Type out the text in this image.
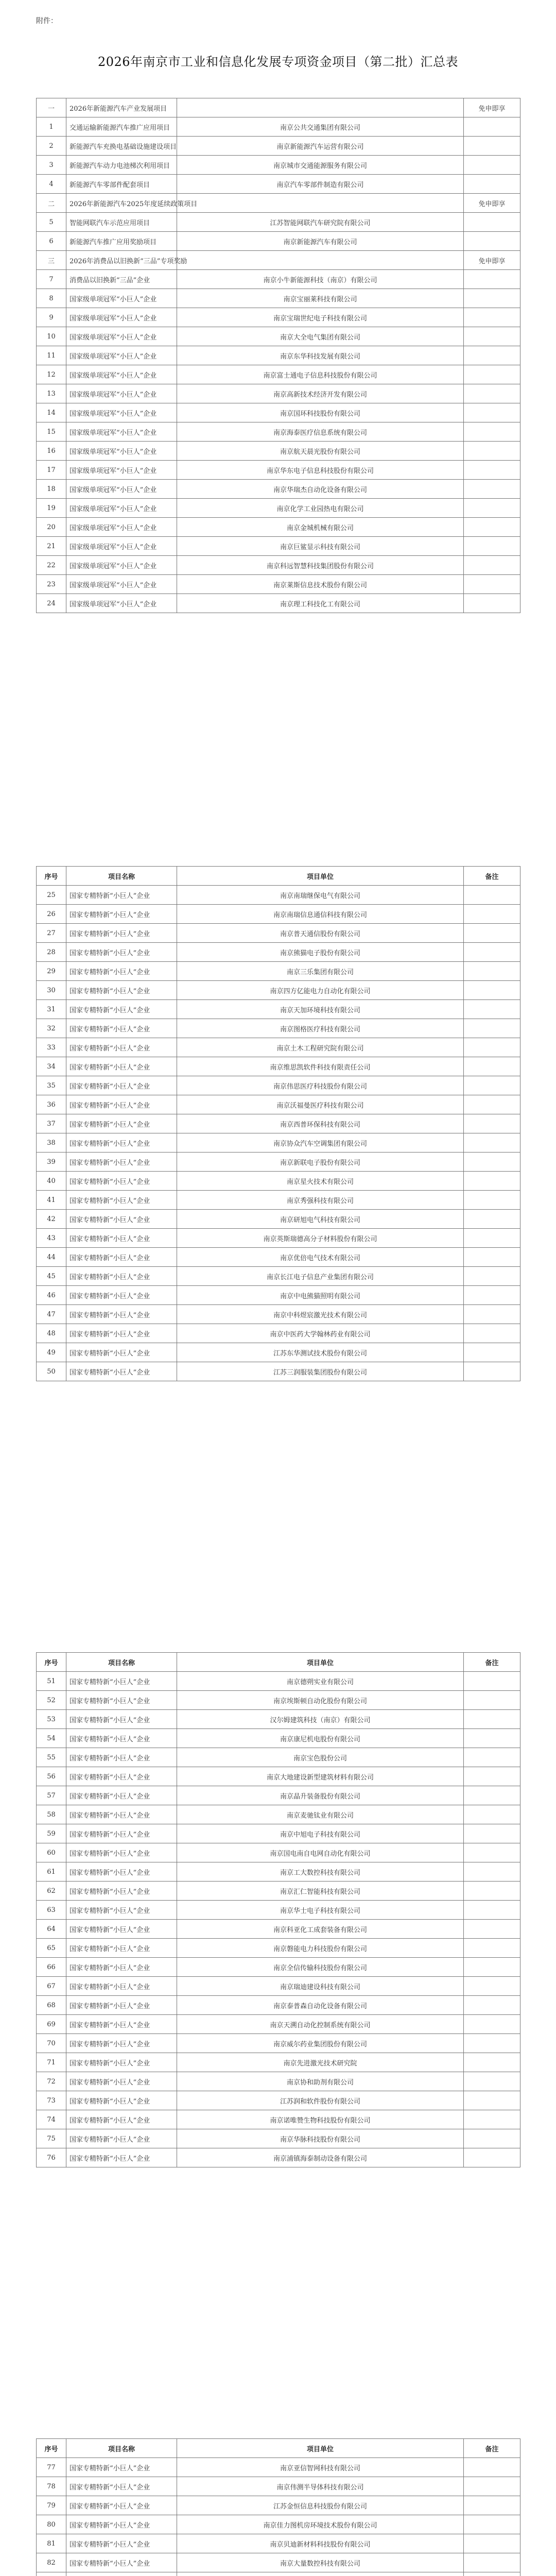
附件：
2026年南京市工业和信息化发展专项资金项目（第二批）汇总表
一	2026年新能源汽车产业发展项目		免申即享
1	交通运输新能源汽车推广应用项目	南京公共交通集团有限公司	
2	新能源汽车充换电基础设施建设项目	南京新能源汽车运营有限公司	
3	新能源汽车动力电池梯次利用项目	南京城市交通能源服务有限公司	
4	新能源汽车零部件配套项目	南京汽车零部件制造有限公司	
二	2026年新能源汽车2025年度延续政策项目		免申即享
5	智能网联汽车示范应用项目	江苏智能网联汽车研究院有限公司	
6	新能源汽车推广应用奖励项目	南京新能源汽车有限公司	
三	2026年消费品以旧换新“三品”专项奖励		免申即享
7	消费品以旧换新“三品”企业	南京小牛新能源科技（南京）有限公司	
8	国家级单项冠军“小巨人”企业	南京宝丽莱科技有限公司	
9	国家级单项冠军“小巨人”企业	南京宝瑞世纪电子科技有限公司	
10	国家级单项冠军“小巨人”企业	南京大全电气集团有限公司	
11	国家级单项冠军“小巨人”企业	南京东华科技发展有限公司	
12	国家级单项冠军“小巨人”企业	南京富士通电子信息科技股份有限公司	
13	国家级单项冠军“小巨人”企业	南京高新技术经济开发有限公司	
14	国家级单项冠军“小巨人”企业	南京国环科技股份有限公司	
15	国家级单项冠军“小巨人”企业	南京海泰医疗信息系统有限公司	
16	国家级单项冠军“小巨人”企业	南京航天晨光股份有限公司	
17	国家级单项冠军“小巨人”企业	南京华东电子信息科技股份有限公司	
18	国家级单项冠军“小巨人”企业	南京华瑞杰自动化设备有限公司	
19	国家级单项冠军“小巨人”企业	南京化学工业园热电有限公司	
20	国家级单项冠军“小巨人”企业	南京金城机械有限公司	
21	国家级单项冠军“小巨人”企业	南京巨鲨显示科技有限公司	
22	国家级单项冠军“小巨人”企业	南京科远智慧科技集团股份有限公司	
23	国家级单项冠军“小巨人”企业	南京莱斯信息技术股份有限公司	
24	国家级单项冠军“小巨人”企业	南京理工科技化工有限公司	
序号	项目名称	项目单位	备注
25	国家专精特新“小巨人”企业	南京南瑞继保电气有限公司	
26	国家专精特新“小巨人”企业	南京南瑞信息通信科技有限公司	
27	国家专精特新“小巨人”企业	南京普天通信股份有限公司	
28	国家专精特新“小巨人”企业	南京熊猫电子股份有限公司	
29	国家专精特新“小巨人”企业	南京三乐集团有限公司	
30	国家专精特新“小巨人”企业	南京四方亿能电力自动化有限公司	
31	国家专精特新“小巨人”企业	南京天加环境科技有限公司	
32	国家专精特新“小巨人”企业	南京图格医疗科技有限公司	
33	国家专精特新“小巨人”企业	南京土木工程研究院有限公司	
34	国家专精特新“小巨人”企业	南京维思凯软件科技有限责任公司	
35	国家专精特新“小巨人”企业	南京伟思医疗科技股份有限公司	
36	国家专精特新“小巨人”企业	南京沃福曼医疗科技有限公司	
37	国家专精特新“小巨人”企业	南京西普环保科技有限公司	
38	国家专精特新“小巨人”企业	南京协众汽车空调集团有限公司	
39	国家专精特新“小巨人”企业	南京新联电子股份有限公司	
40	国家专精特新“小巨人”企业	南京星火技术有限公司	
41	国家专精特新“小巨人”企业	南京秀强科技有限公司	
42	国家专精特新“小巨人”企业	南京研旭电气科技有限公司	
43	国家专精特新“小巨人”企业	南京英斯瑞德高分子材料股份有限公司	
44	国家专精特新“小巨人”企业	南京优倍电气技术有限公司	
45	国家专精特新“小巨人”企业	南京长江电子信息产业集团有限公司	
46	国家专精特新“小巨人”企业	南京中电熊猫照明有限公司	
47	国家专精特新“小巨人”企业	南京中科煜宸激光技术有限公司	
48	国家专精特新“小巨人”企业	南京中医药大学翰林药业有限公司	
49	国家专精特新“小巨人”企业	江苏东华测试技术股份有限公司	
50	国家专精特新“小巨人”企业	江苏三润服装集团股份有限公司	
序号	项目名称	项目单位	备注
51	国家专精特新“小巨人”企业	南京德朔实业有限公司	
52	国家专精特新“小巨人”企业	南京埃斯顿自动化股份有限公司	
53	国家专精特新“小巨人”企业	汉尔姆建筑科技（南京）有限公司	
54	国家专精特新“小巨人”企业	南京康尼机电股份有限公司	
55	国家专精特新“小巨人”企业	南京宝色股份公司	
56	国家专精特新“小巨人”企业	南京大地建设新型建筑材料有限公司	
57	国家专精特新“小巨人”企业	南京晶升装备股份有限公司	
58	国家专精特新“小巨人”企业	南京麦驰钛业有限公司	
59	国家专精特新“小巨人”企业	南京中旭电子科技有限公司	
60	国家专精特新“小巨人”企业	南京国电南自电网自动化有限公司	
61	国家专精特新“小巨人”企业	南京工大数控科技有限公司	
62	国家专精特新“小巨人”企业	南京汇仁智能科技有限公司	
63	国家专精特新“小巨人”企业	南京华士电子科技有限公司	
64	国家专精特新“小巨人”企业	南京科亚化工成套装备有限公司	
65	国家专精特新“小巨人”企业	南京磐能电力科技股份有限公司	
66	国家专精特新“小巨人”企业	南京全信传输科技股份有限公司	
67	国家专精特新“小巨人”企业	南京瑞迪建设科技有限公司	
68	国家专精特新“小巨人”企业	南京泰普森自动化设备有限公司	
69	国家专精特新“小巨人”企业	南京天溯自动化控制系统有限公司	
70	国家专精特新“小巨人”企业	南京威尔药业集团股份有限公司	
71	国家专精特新“小巨人”企业	南京先进激光技术研究院	
72	国家专精特新“小巨人”企业	南京协和助剂有限公司	
73	国家专精特新“小巨人”企业	江苏润和软件股份有限公司	
74	国家专精特新“小巨人”企业	南京诺唯赞生物科技股份有限公司	
75	国家专精特新“小巨人”企业	南京华脉科技股份有限公司	
76	国家专精特新“小巨人”企业	南京浦镇海泰制动设备有限公司	
序号	项目名称	项目单位	备注
77	国家专精特新“小巨人”企业	南京亚信智网科技有限公司	
78	国家专精特新“小巨人”企业	南京伟测半导体科技有限公司	
79	国家专精特新“小巨人”企业	江苏金恒信息科技股份有限公司	
80	国家专精特新“小巨人”企业	南京佳力图机房环境技术股份有限公司	
81	国家专精特新“小巨人”企业	南京贝迪新材料科技股份有限公司	
82	国家专精特新“小巨人”企业	南京大量数控科技有限公司	
